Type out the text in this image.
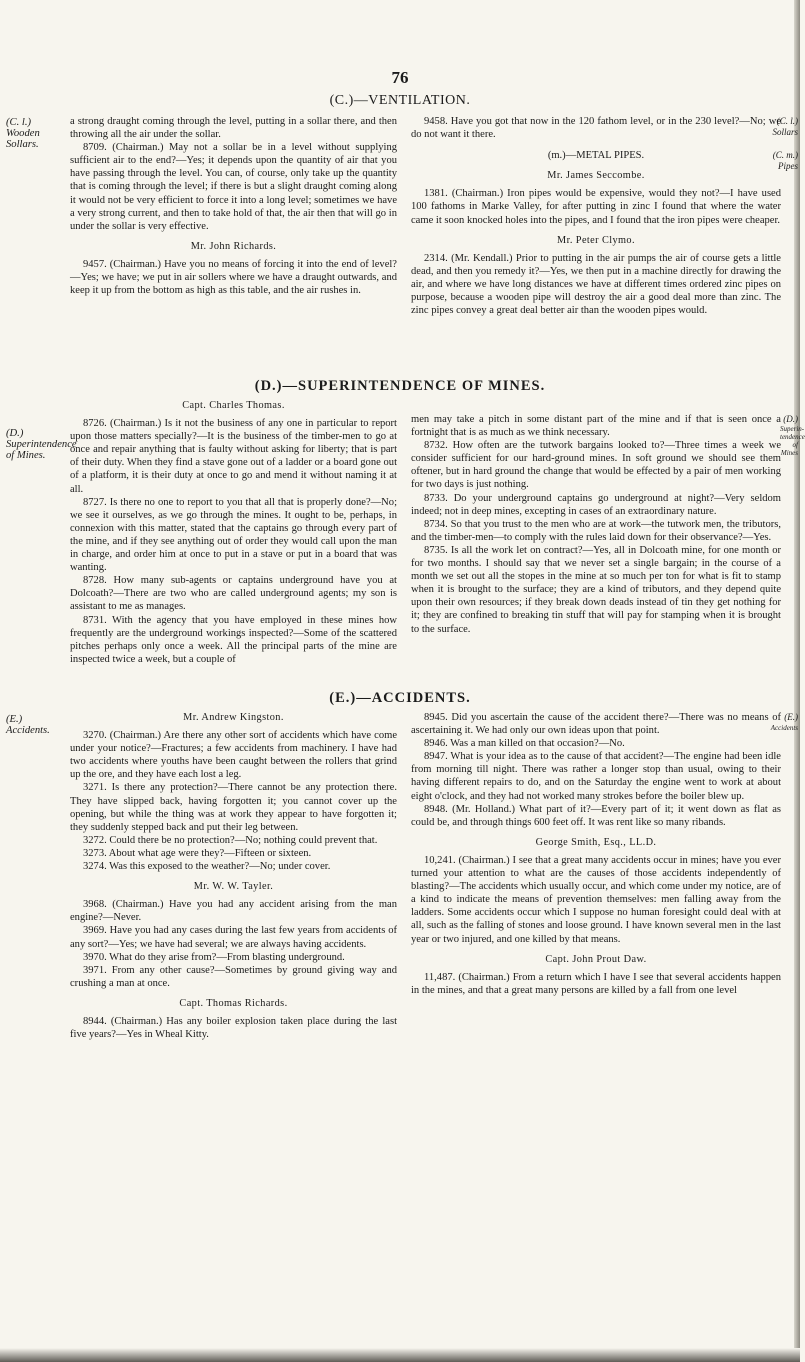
76
(C.)—VENTILATION.
(C. l.) Wooden Sollars.

a strong draught coming through the level, putting in a sollar there, and then throwing all the air under the sollar.

8709. (Chairman.) May not a sollar be in a level without supplying sufficient air to the end?—Yes; it depends upon the quantity of air that you have passing through the level. You can, of course, only take up the quantity that is coming through the level; if there is but a slight draught coming along it would not be very efficient to force it into a long level; sometimes we have a very strong current, and then to take hold of that, the air then that will go in under the sollar is very effective.

Mr. John Richards.

9457. (Chairman.) Have you no means of forcing it into the end of level?—Yes; we have; we put in air sollers where we have a draught outwards, and keep it up from the bottom as high as this table, and the air rushes in.

9458. Have you got that now in the 120 fathom level, or in the 230 level?—No; we do not want it there.

(m.)—METAL PIPES.

Mr. James Seccombe.

1381. (Chairman.) Iron pipes would be expensive, would they not?—I have used 100 fathoms in Marke Valley, for after putting in zinc I found that where the water came it soon knocked holes into the pipes, and I found that the iron pipes were cheaper.

Mr. Peter Clymo.

2314. (Mr. Kendall.) Prior to putting in the air pumps the air of course gets a little dead, and then you remedy it?—Yes, we then put in a machine directly for drawing the air, and where we have long distances we have at different times ordered zinc pipes on purpose, because a wooden pipe will destroy the air a good deal more than zinc. The zinc pipes convey a great deal better air than the wooden pipes would.

(C. l.)
Sollars
(C. m.)
Pipes
(D.)—SUPERINTENDENCE OF MINES.
(D.) Superintendence of Mines.

Capt. Charles Thomas.

8726. (Chairman.) Is it not the business of any one in particular to report upon those matters specially?—It is the business of the timber-men to go at once and repair anything that is faulty without asking for liberty; that is part of their duty. When they find a stave gone out of a ladder or a board gone out of a platform, it is their duty at once to go and mend it without naming it at all.

8727. Is there no one to report to you that all that is properly done?—No; we see it ourselves, as we go through the mines. It ought to be, perhaps, in connexion with this matter, stated that the captains go through every part of the mine, and if they see anything out of order they would call upon the man in charge, and order him at once to put in a stave or put in a board that was wanting.

8728. How many sub-agents or captains underground have you at Dolcoath?—There are two who are called underground agents; my son is assistant to me as manages.

8731. With the agency that you have employed in these mines how frequently are the underground workings inspected?—Some of the scattered pitches perhaps only once a week. All the principal parts of the mine are inspected twice a week, but a couple of

men may take a pitch in some distant part of the mine and if that is seen once a fortnight that is as much as we think necessary.

8732. How often are the tutwork bargains looked to?—Three times a week we consider sufficient for our hard-ground mines. In soft ground we should see them oftener, but in hard ground the change that would be effected by a pair of men working for two days is just nothing.

8733. Do your underground captains go underground at night?—Very seldom indeed; not in deep mines, excepting in cases of an extraordinary nature.

8734. So that you trust to the men who are at work—the tutwork men, the tributors, and the timber-men—to comply with the rules laid down for their observance?—Yes.

8735. Is all the work let on contract?—Yes, all in Dolcoath mine, for one month or for two months. I should say that we never set a single bargain; in the course of a month we set out all the stopes in the mine at so much per ton for what is fit to stamp when it is brought to the surface; they are a kind of tributors, and they depend quite upon their own resources; if they break down deads instead of tin they get nothing for it; they are confined to breaking tin stuff that will pay for stamping when it is brought to the surface.

(D.)
Superin-tendence of Mines
(E.)—ACCIDENTS.
(E.) Accidents.

Mr. Andrew Kingston.

3270. (Chairman.) Are there any other sort of accidents which have come under your notice?—Fractures; a few accidents from machinery. I have had two accidents where youths have been caught between the rollers that grind up the ore, and they have each lost a leg.

3271. Is there any protection?—There cannot be any protection there. They have slipped back, having forgotten it; you cannot cover up the opening, but while the thing was at work they appear to have forgotten it; they suddenly stepped back and put their leg between.

3272. Could there be no protection?—No; nothing could prevent that.

3273. About what age were they?—Fifteen or sixteen.

3274. Was this exposed to the weather?—No; under cover.

Mr. W. W. Tayler.

3968. (Chairman.) Have you had any accident arising from the man engine?—Never.

3969. Have you had any cases during the last few years from accidents of any sort?—Yes; we have had several; we are always having accidents.

3970. What do they arise from?—From blasting underground.

3971. From any other cause?—Sometimes by ground giving way and crushing a man at once.

Capt. Thomas Richards.

8944. (Chairman.) Has any boiler explosion taken place during the last five years?—Yes in Wheal Kitty.

8945. Did you ascertain the cause of the accident there?—There was no means of ascertaining it. We had only our own ideas upon that point.

8946. Was a man killed on that occasion?—No.

8947. What is your idea as to the cause of that accident?—The engine had been idle from morning till night. There was rather a longer stop than usual, owing to their having different repairs to do, and on the Saturday the engine went to work at about eight o'clock, and they had not worked many strokes before the boiler blew up.

8948. (Mr. Holland.) What part of it?—Every part of it; it went down as flat as could be, and through things 600 feet off. It was rent like so many ribands.

George Smith, Esq., LL.D.

10,241. (Chairman.) I see that a great many accidents occur in mines; have you ever turned your attention to what are the causes of those accidents independently of blasting?—The accidents which usually occur, and which come under my notice, are of a kind to indicate the means of prevention themselves: men falling away from the ladders. Some accidents occur which I suppose no human foresight could deal with at all, such as the falling of stones and loose ground. I have known several men in the last year or two injured, and one killed by that means.

Capt. John Prout Daw.

11,487. (Chairman.) From a return which I have I see that several accidents happen in the mines, and that a great many persons are killed by a fall from one level

(E.)
Accidents
